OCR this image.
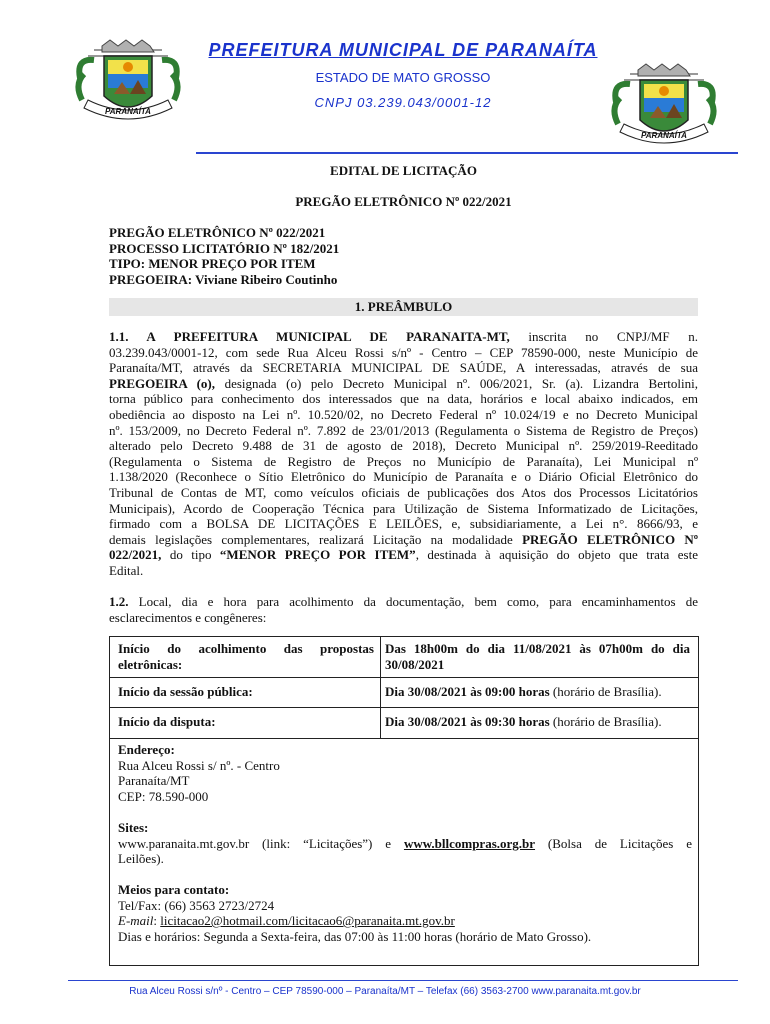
PARANAÍTA
PARANAÍTA
PREFEITURA MUNICIPAL DE PARANAÍTA
ESTADO DE MATO GROSSO
CNPJ 03.239.043/0001-12
EDITAL DE LICITAÇÃO
PREGÃO ELETRÔNICO Nº 022/2021
PREGÃO ELETRÔNICO Nº 022/2021
PROCESSO LICITATÓRIO Nº 182/2021
TIPO: MENOR PREÇO POR ITEM
PREGOEIRA: Viviane Ribeiro Coutinho
1. PREÂMBULO
1.1. A PREFEITURA MUNICIPAL DE PARANAITA-MT, inscrita no CNPJ/MF n.
03.239.043/0001-12, com sede Rua Alceu Rossi s/nº - Centro – CEP 78590-000, neste Município de
Paranaíta/MT, através da SECRETARIA MUNICIPAL DE SAÚDE, A interessadas, através de sua
PREGOEIRA (o), designada (o) pelo Decreto Municipal nº. 006/2021, Sr. (a). Lizandra Bertolini,
torna público para conhecimento dos interessados que na data, horários e local abaixo indicados, em
obediência ao disposto na Lei nº. 10.520/02, no Decreto Federal nº 10.024/19 e no Decreto Municipal
nº. 153/2009, no Decreto Federal nº. 7.892 de 23/01/2013 (Regulamenta o Sistema de Registro de Preços)
alterado pelo Decreto 9.488 de 31 de agosto de 2018), Decreto Municipal nº. 259/2019-Reeditado
(Regulamenta o Sistema de Registro de Preços no Município de Paranaíta), Lei Municipal nº
1.138/2020 (Reconhece o Sítio Eletrônico do Município de Paranaíta e o Diário Oficial Eletrônico do
Tribunal de Contas de MT, como veículos oficiais de publicações dos Atos dos Processos Licitatórios
Municipais), Acordo de Cooperação Técnica para Utilização de Sistema Informatizado de Licitações,
firmado com a BOLSA DE LICITAÇÕES E LEILÕES, e, subsidiariamente, a Lei n°. 8666/93, e
demais legislações complementares, realizará Licitação na modalidade PREGÃO ELETRÔNICO Nº
022/2021, do tipo “MENOR PREÇO POR ITEM”, destinada à aquisição do objeto que trata este
Edital.
1.2. Local, dia e hora para acolhimento da documentação, bem como, para encaminhamentos de
esclarecimentos e congêneres:
Início do acolhimento das propostas
eletrônicas:
Das 18h00m do dia 11/08/2021 às 07h00m do dia
30/08/2021
Início da sessão pública:	Dia 30/08/2021 às 09:00 horas (horário de Brasília).
Início da disputa:	Dia 30/08/2021 às 09:30 horas (horário de Brasília).
Endereço:
Rua Alceu Rossi s/ nº. - Centro
Paranaíta/MT
CEP: 78.590-000
Sites:
www.paranaita.mt.gov.br (link: “Licitações”) e www.bllcompras.org.br (Bolsa de Licitações e
Leilões).
Meios para contato:
Tel/Fax: (66) 3563 2723/2724
E-mail: licitacao2@hotmail.com/licitacao6@paranaita.mt.gov.br
Dias e horários: Segunda a Sexta-feira, das 07:00 às 11:00 horas (horário de Mato Grosso).
Rua Alceu Rossi s/nº - Centro – CEP 78590-000 – Paranaíta/MT – Telefax (66) 3563-2700 www.paranaita.mt.gov.br
